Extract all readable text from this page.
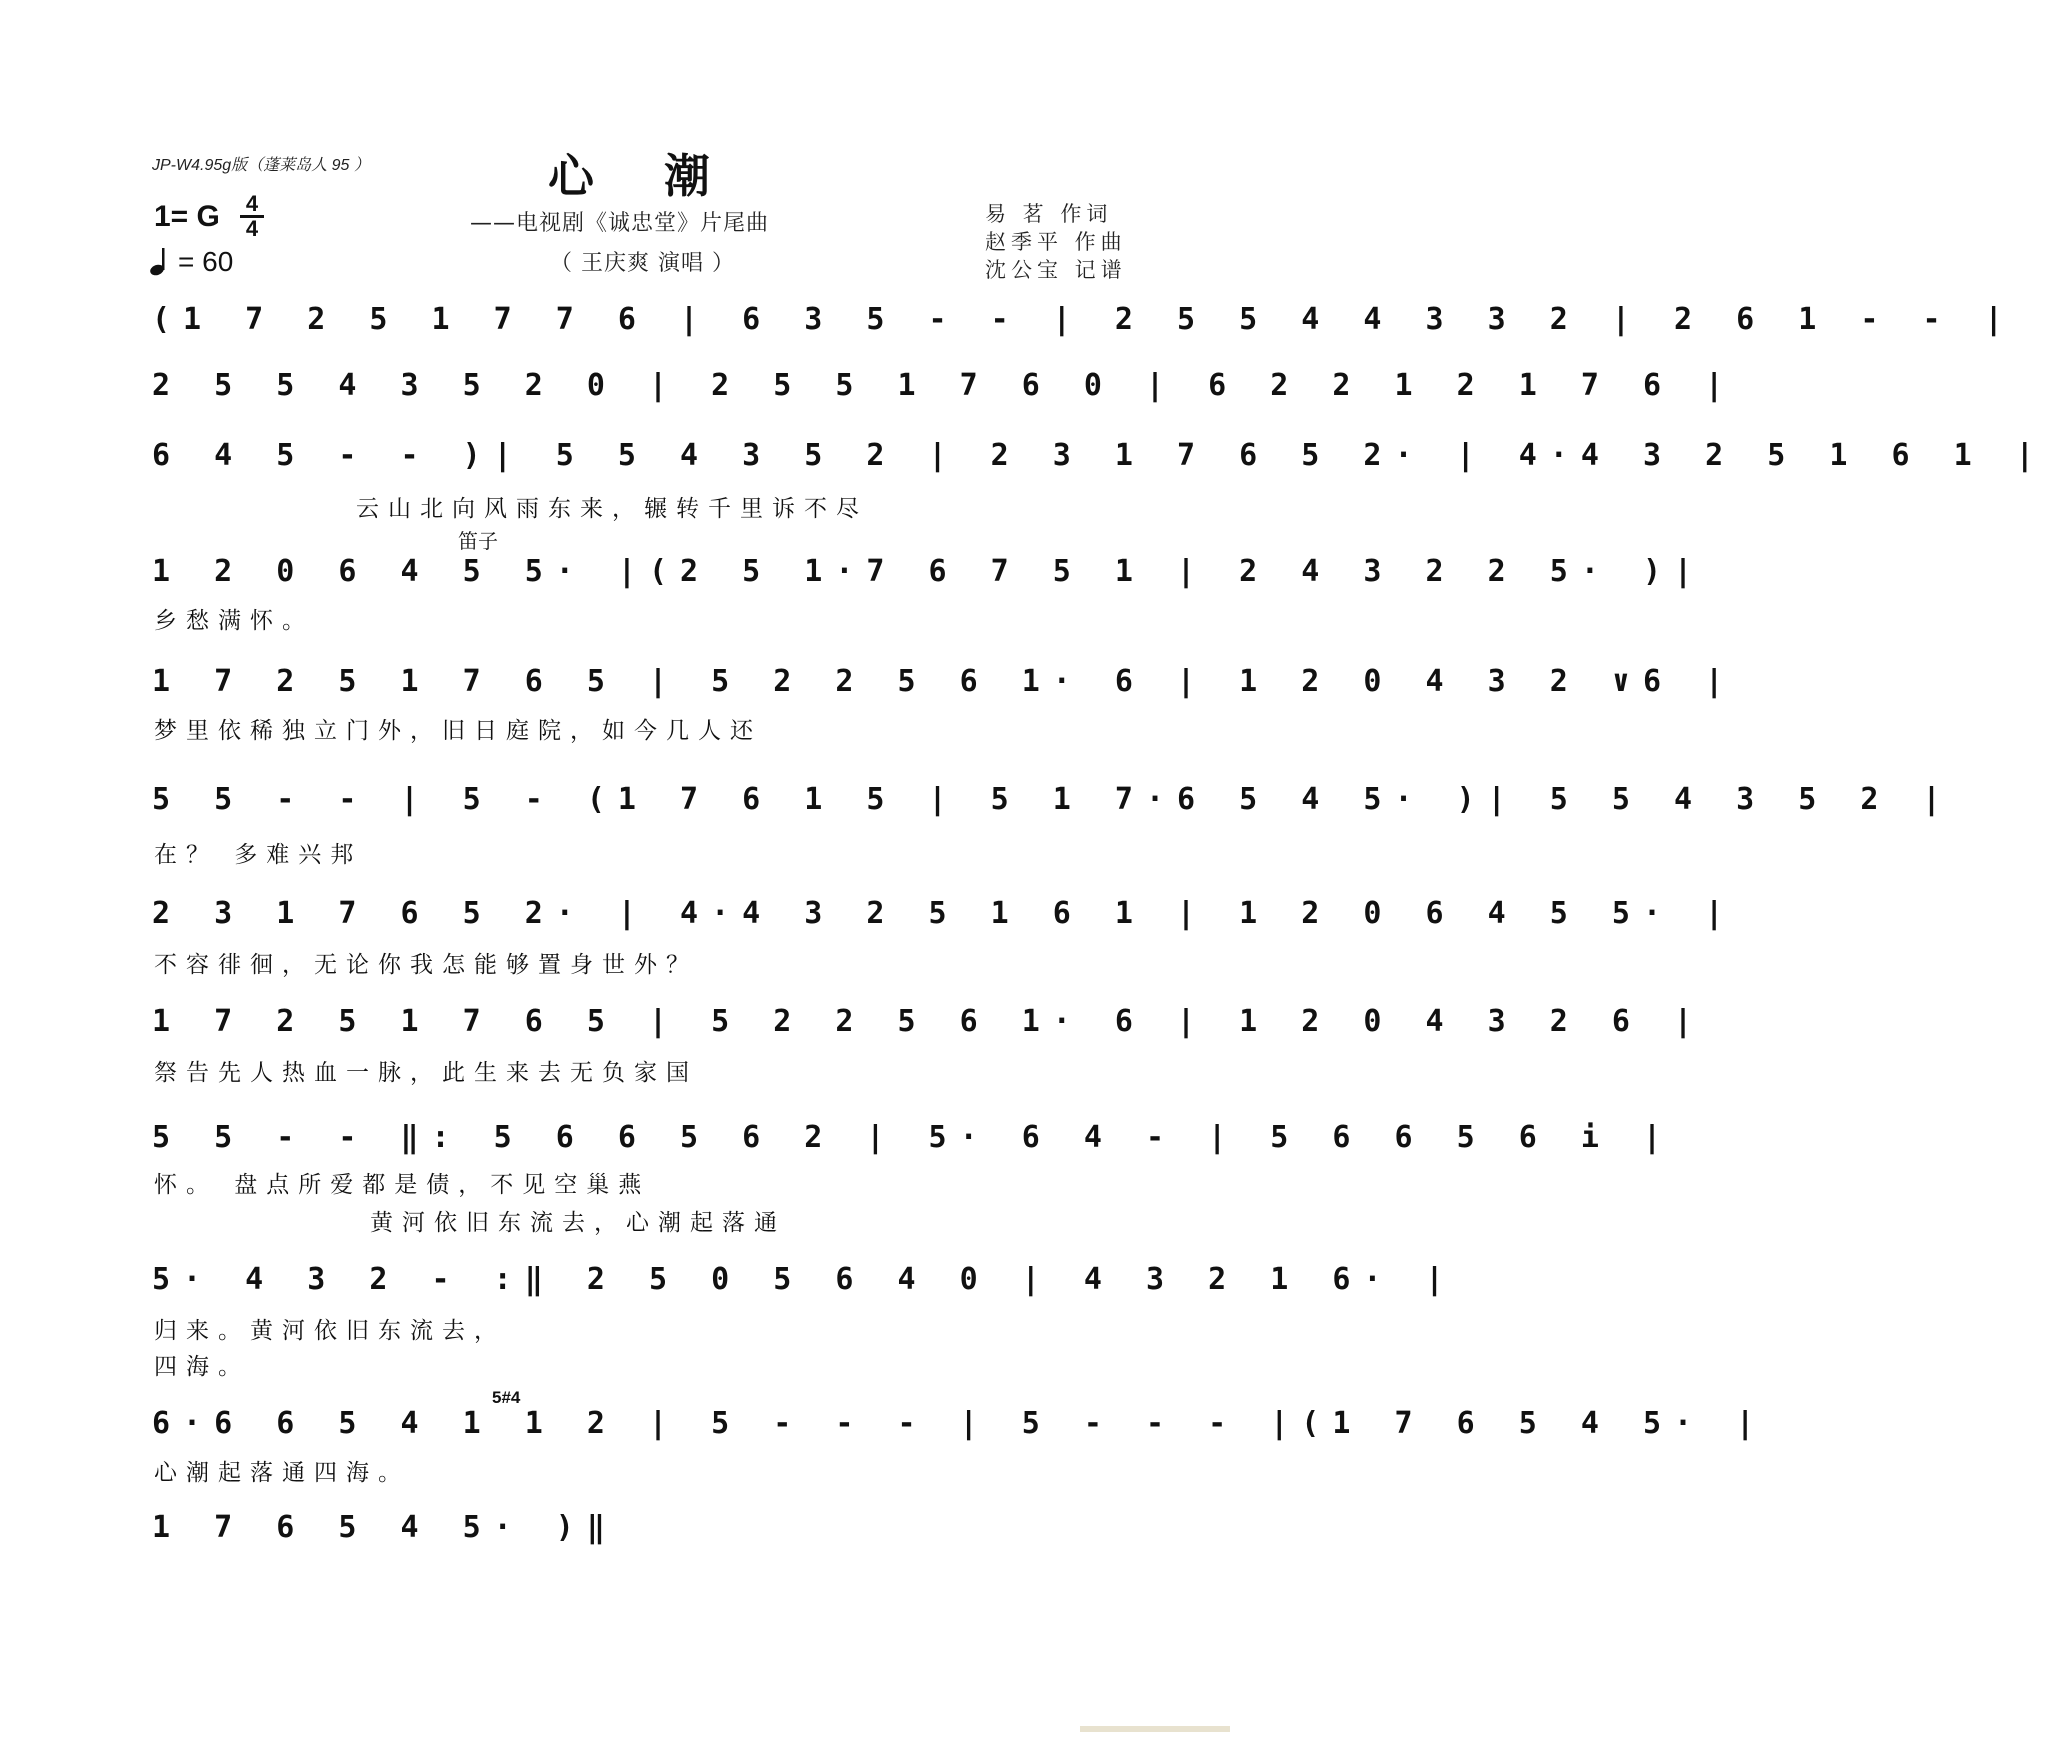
JP-W4.95g版（蓬莱岛人 95 ）	心潮
——电视剧《诚忠堂》片尾曲
（ 王庆爽 演唱 ）
易 茗 作词
赵季平 作曲
沈公宝 记谱
1= G 4
4
= 60
(1 7 2 5 1 7 7 6 | 6 3 5 - - | 2 5 5 4 4 3 3 2 | 2 6 1 - - |
2 5 5 4 3 5 2 0 | 2 5 5 1 7 6 0 | 6 2 2 1 2 1 7 6 |
6 4 5 - - )| 5 5 4 3 5 2 | 2 3 1 7 6 5 2· | 4·4 3 2 5 1 6 1 |
云山北向风雨东来，辗转千里诉不尽
笛子
1 2 0 6 4 5 5· |(2 5 1·7 6 7 5 1 | 2 4 3 2 2 5· )|
乡愁满怀。
1 7 2 5 1 7 6 5 | 5 2 2 5 6 1· 6 | 1 2 0 4 3 2 ∨6 |
梦里依稀独立门外，旧日庭院，如今几人还
5 5 - - | 5 - (1 7 6 1 5 | 5 1 7·6 5 4 5· )| 5 5 4 3 5 2 |
在？ 多难兴邦
2 3 1 7 6 5 2· | 4·4 3 2 5 1 6 1 | 1 2 0 6 4 5 5· |
不容徘徊，无论你我怎能够置身世外？
1 7 2 5 1 7 6 5 | 5 2 2 5 6 1· 6 | 1 2 0 4 3 2 6 |
祭告先人热血一脉，此生来去无负家国
5 5 - - ‖: 5 6 6 5 6 2 | 5· 6 4 - | 5 6 6 5 6 i |
怀。 盘点所爱都是债，不见空巢燕
黄河依旧东流去，心潮起落通
5· 4 3 2 - :‖ 2 5 0 5 6 4 0 | 4 3 2 1 6· |
归来。黄河依旧东流去，
四海。
5#4
6·6 6 5 4 1 1 2 | 5 - - - | 5 - - - |(1 7 6 5 4 5· |
心潮起落通四海。
1 7 6 5 4 5· )‖
